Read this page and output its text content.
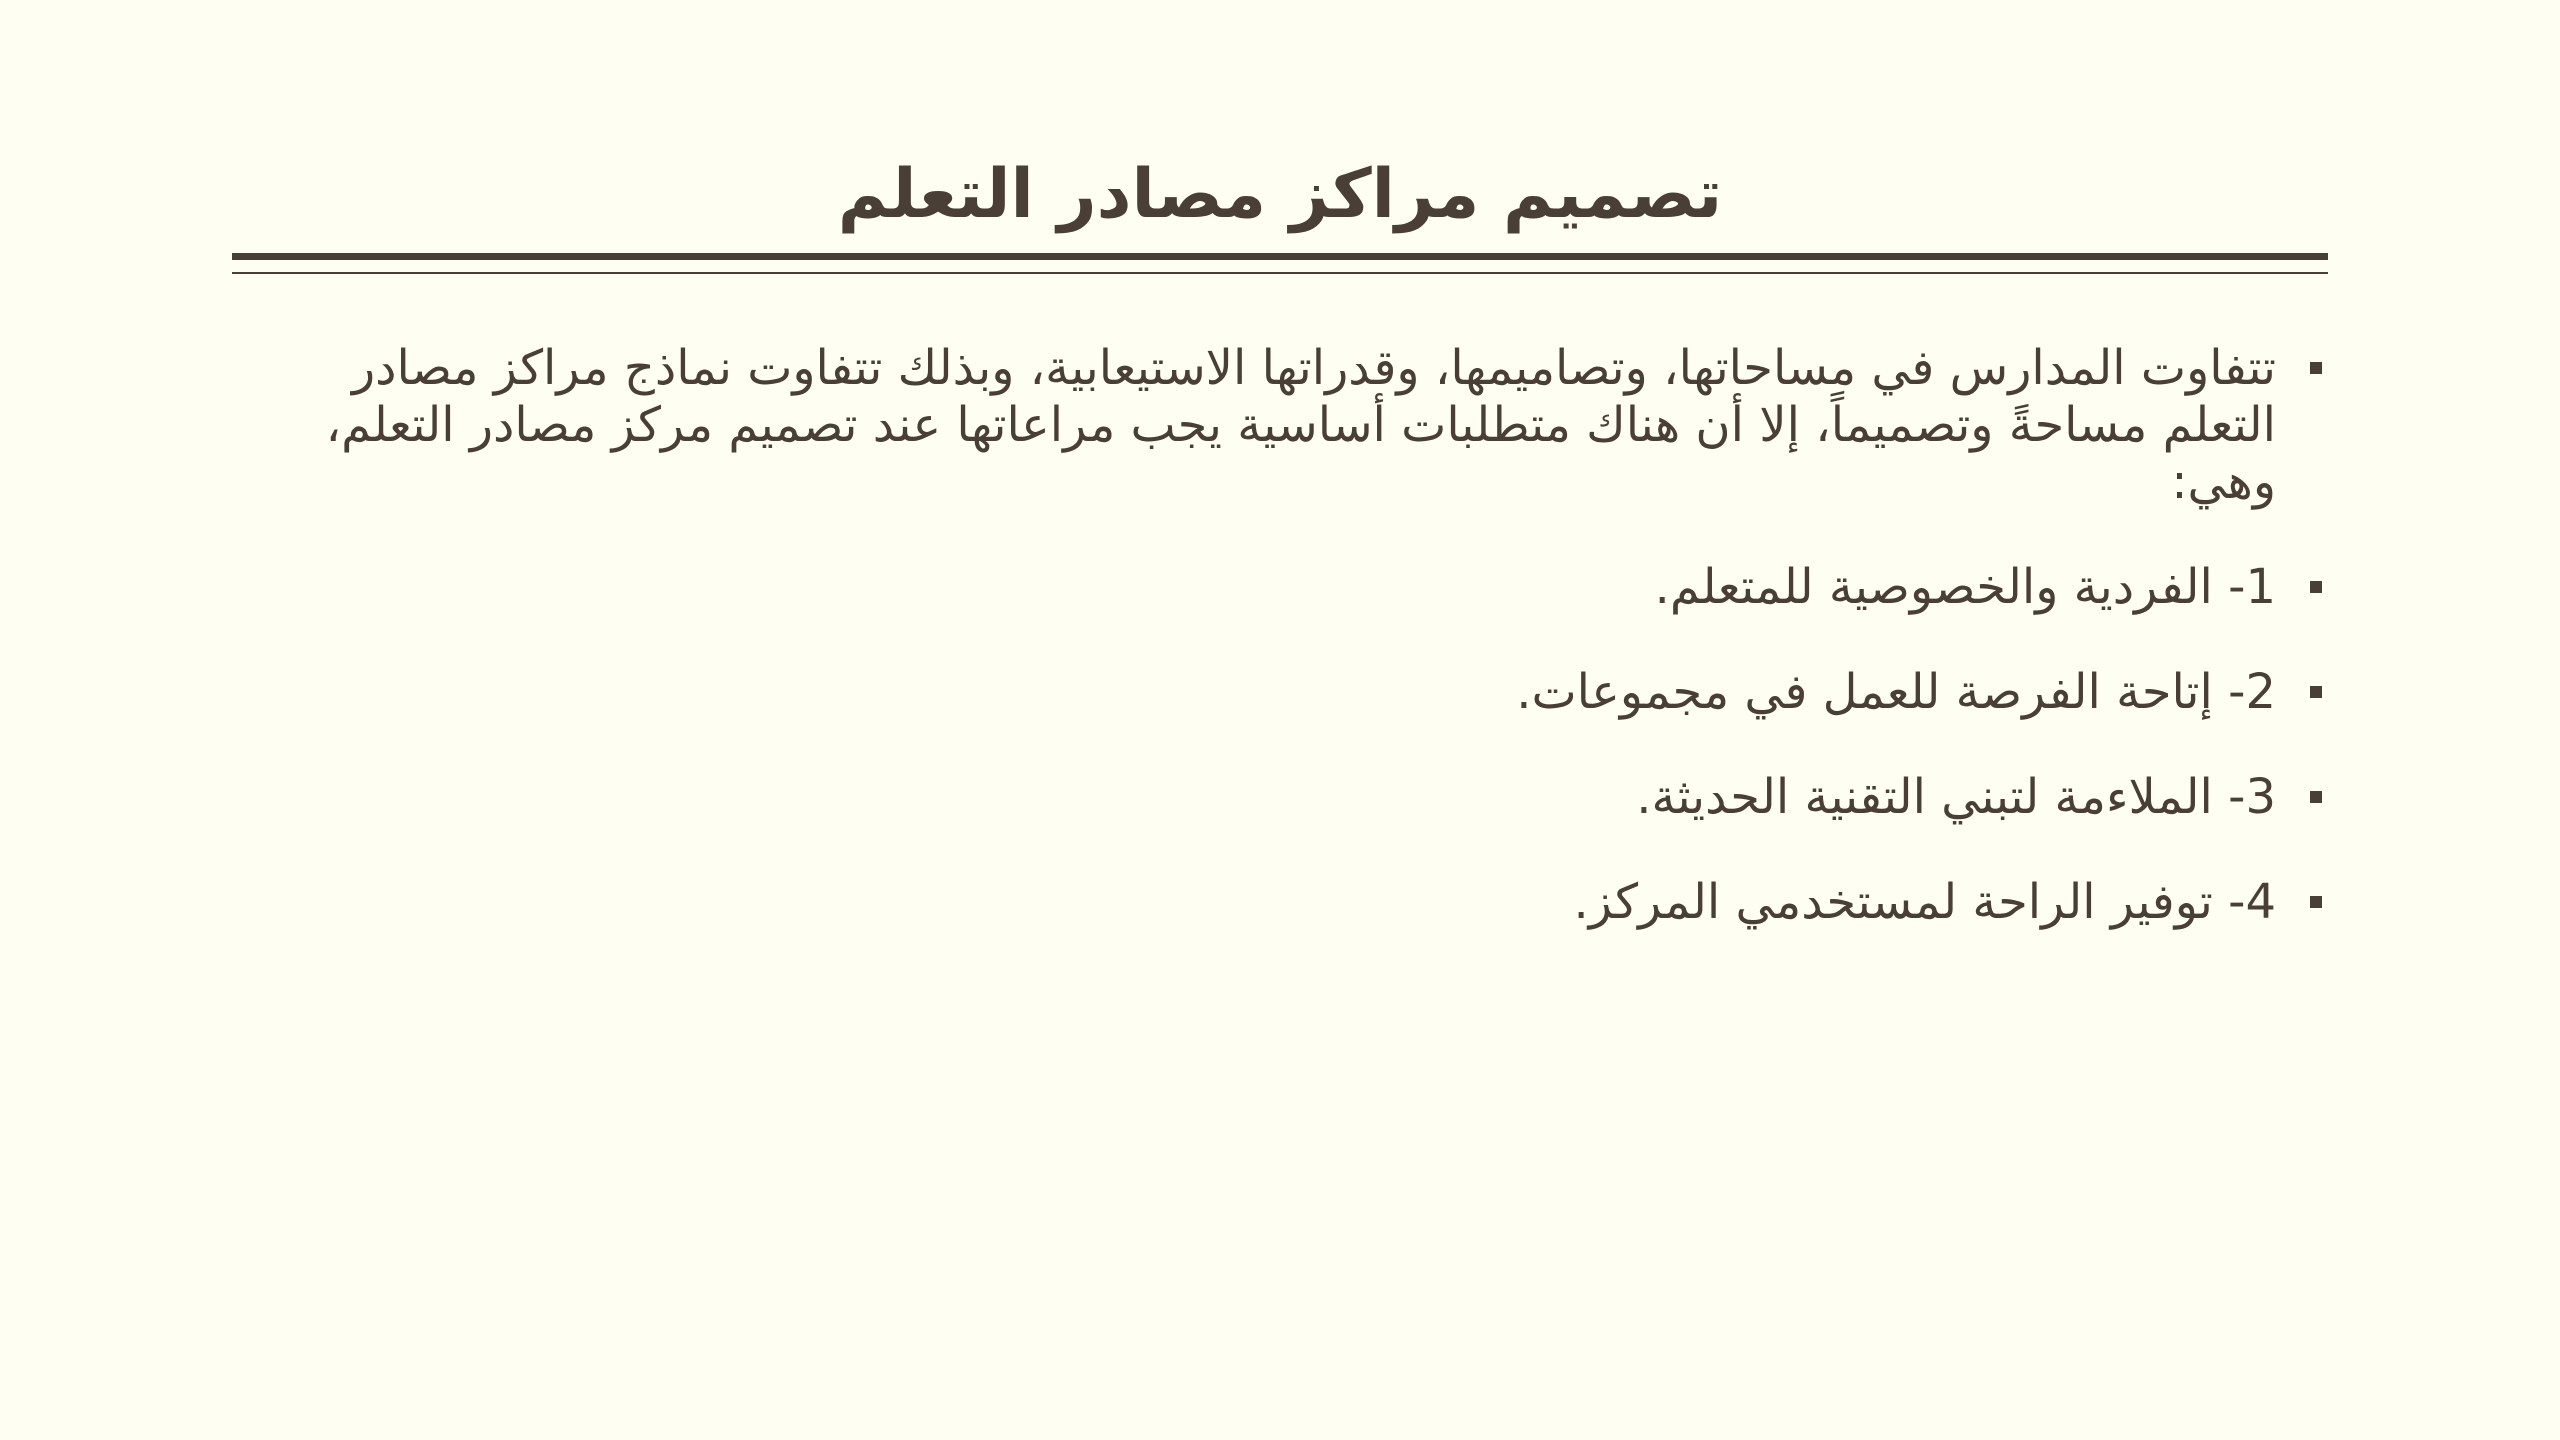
تصميم مراكز مصادر التعلم
تتفاوت المدارس في مساحاتها، وتصاميمها، وقدراتها الاستيعابية، وبذلك تتفاوت نماذج مراكز مصادر التعلم مساحةً وتصميماً، إلا أن هناك متطلبات أساسية يجب مراعاتها عند تصميم مركز مصادر التعلم، وهي:
1- الفردية والخصوصية للمتعلم.
2- إتاحة الفرصة للعمل في مجموعات.
3- الملاءمة لتبني التقنية الحديثة.
4- توفير الراحة لمستخدمي المركز.
